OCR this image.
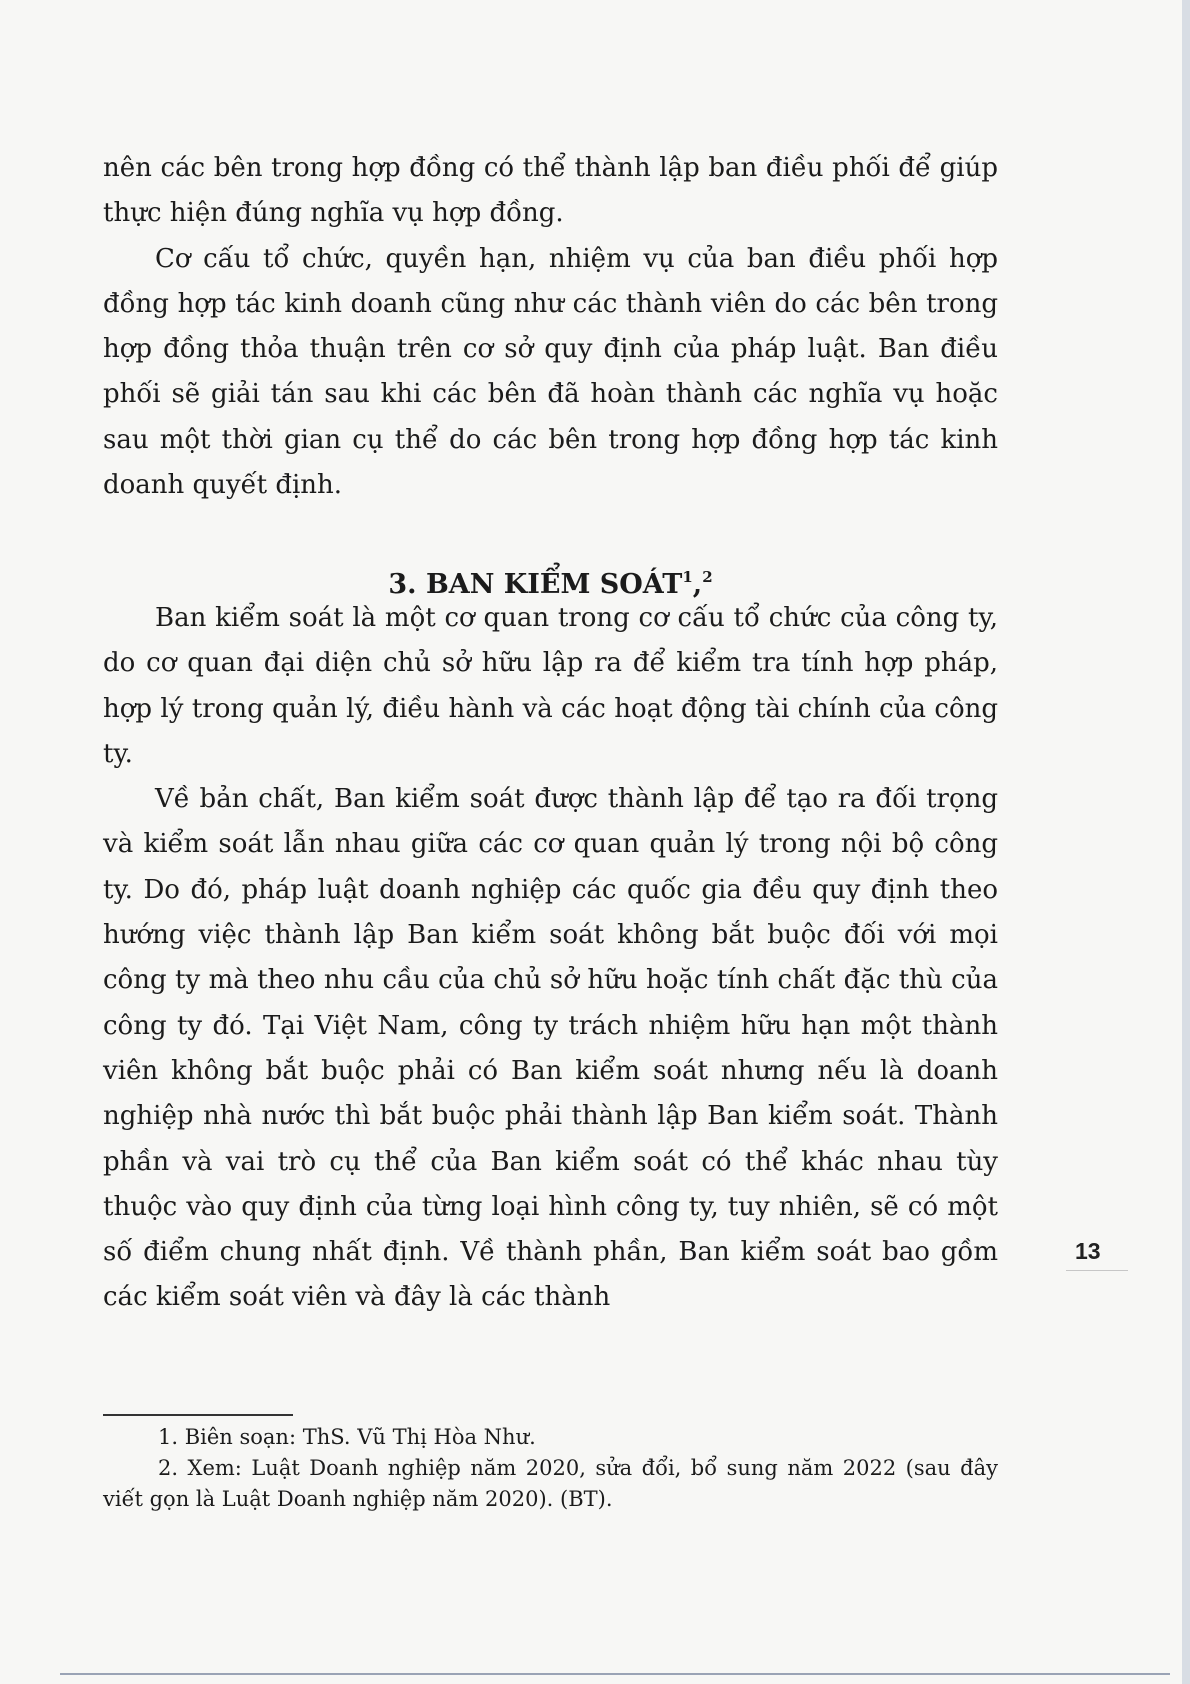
nên các bên trong hợp đồng có thể thành lập ban điều phối để giúp thực hiện đúng nghĩa vụ hợp đồng.

Cơ cấu tổ chức, quyền hạn, nhiệm vụ của ban điều phối hợp đồng hợp tác kinh doanh cũng như các thành viên do các bên trong hợp đồng thỏa thuận trên cơ sở quy định của pháp luật. Ban điều phối sẽ giải tán sau khi các bên đã hoàn thành các nghĩa vụ hoặc sau một thời gian cụ thể do các bên trong hợp đồng hợp tác kinh doanh quyết định.

3. BAN KIỂM SOÁT$^1$,$^2$

Ban kiểm soát là một cơ quan trong cơ cấu tổ chức của công ty, do cơ quan đại diện chủ sở hữu lập ra để kiểm tra tính hợp pháp, hợp lý trong quản lý, điều hành và các hoạt động tài chính của công ty.

Về bản chất, Ban kiểm soát được thành lập để tạo ra đối trọng và kiểm soát lẫn nhau giữa các cơ quan quản lý trong nội bộ công ty. Do đó, pháp luật doanh nghiệp các quốc gia đều quy định theo hướng việc thành lập Ban kiểm soát không bắt buộc đối với mọi công ty mà theo nhu cầu của chủ sở hữu hoặc tính chất đặc thù của công ty đó. Tại Việt Nam, công ty trách nhiệm hữu hạn một thành viên không bắt buộc phải có Ban kiểm soát nhưng nếu là doanh nghiệp nhà nước thì bắt buộc phải thành lập Ban kiểm soát. Thành phần và vai trò cụ thể của Ban kiểm soát có thể khác nhau tùy thuộc vào quy định của từng loại hình công ty, tuy nhiên, sẽ có một số điểm chung nhất định. Về thành phần, Ban kiểm soát bao gồm các kiểm soát viên và đây là các thành

13

1. Biên soạn: ThS. Vũ Thị Hòa Như.

2. Xem: Luật Doanh nghiệp năm 2020, sửa đổi, bổ sung năm 2022 (sau đây viết gọn là Luật Doanh nghiệp năm 2020). (BT).
